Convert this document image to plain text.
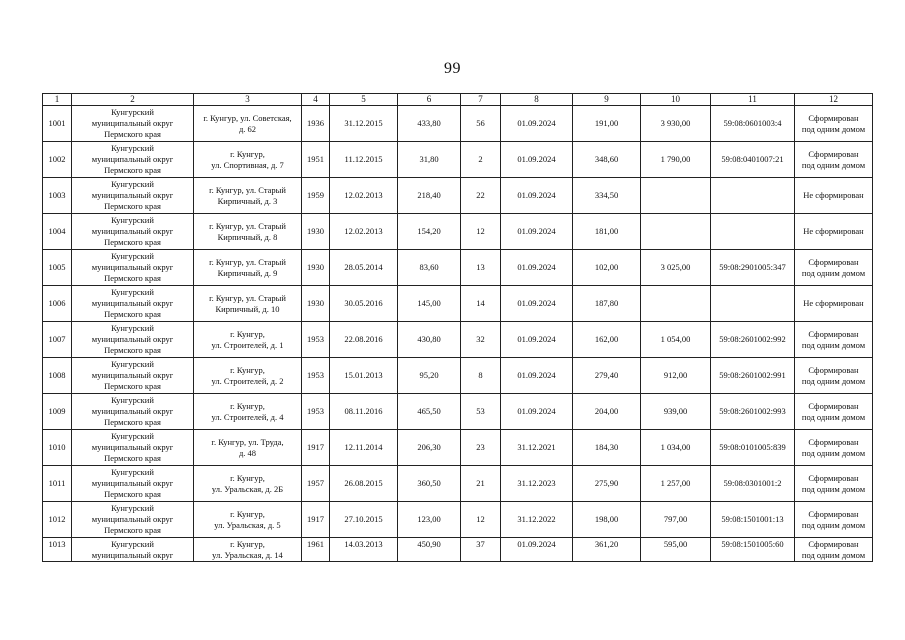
99
1	2	3	4	5	6	7	8	9	10	11	12
1001	Кунгурский
муниципальный округ
Пермского края	г. Кунгур, ул. Советская,
д. 62	1936	31.12.2015	433,80	56	01.09.2024	191,00	3 930,00	59:08:0601003:4	Сформирован
под одним домом

1002	Кунгурский
муниципальный округ
Пермского края	г. Кунгур,
ул. Спортивная, д. 7	1951	11.12.2015	31,80	2	01.09.2024	348,60	1 790,00	59:08:0401007:21	Сформирован
под одним домом

1003	Кунгурский
муниципальный округ
Пермского края	г. Кунгур, ул. Старый
Кирпичный, д. 3	1959	12.02.2013	218,40	22	01.09.2024	334,50			Не сформирован

1004	Кунгурский
муниципальный округ
Пермского края	г. Кунгур, ул. Старый
Кирпичный, д. 8	1930	12.02.2013	154,20	12	01.09.2024	181,00			Не сформирован

1005	Кунгурский
муниципальный округ
Пермского края	г. Кунгур, ул. Старый
Кирпичный, д. 9	1930	28.05.2014	83,60	13	01.09.2024	102,00	3 025,00	59:08:2901005:347	Сформирован
под одним домом

1006	Кунгурский
муниципальный округ
Пермского края	г. Кунгур, ул. Старый
Кирпичный, д. 10	1930	30.05.2016	145,00	14	01.09.2024	187,80			Не сформирован

1007	Кунгурский
муниципальный округ
Пермского края	г. Кунгур,
ул. Строителей, д. 1	1953	22.08.2016	430,80	32	01.09.2024	162,00	1 054,00	59:08:2601002:992	Сформирован
под одним домом

1008	Кунгурский
муниципальный округ
Пермского края	г. Кунгур,
ул. Строителей, д. 2	1953	15.01.2013	95,20	8	01.09.2024	279,40	912,00	59:08:2601002:991	Сформирован
под одним домом

1009	Кунгурский
муниципальный округ
Пермского края	г. Кунгур,
ул. Строителей, д. 4	1953	08.11.2016	465,50	53	01.09.2024	204,00	939,00	59:08:2601002:993	Сформирован
под одним домом

1010	Кунгурский
муниципальный округ
Пермского края	г. Кунгур, ул. Труда,
д. 48	1917	12.11.2014	206,30	23	31.12.2021	184,30	1 034,00	59:08:0101005:839	Сформирован
под одним домом

1011	Кунгурский
муниципальный округ
Пермского края	г. Кунгур,
ул. Уральская, д. 2Б	1957	26.08.2015	360,50	21	31.12.2023	275,90	1 257,00	59:08:0301001:2	Сформирован
под одним домом

1012	Кунгурский
муниципальный округ
Пермского края	г. Кунгур,
ул. Уральская, д. 5	1917	27.10.2015	123,00	12	31.12.2022	198,00	797,00	59:08:1501001:13	Сформирован
под одним домом

1013	Кунгурский
муниципальный округ	г. Кунгур,
ул. Уральская, д. 14	1961	14.03.2013	450,90	37	01.09.2024	361,20	595,00	59:08:1501005:60	Сформирован
под одним домом
